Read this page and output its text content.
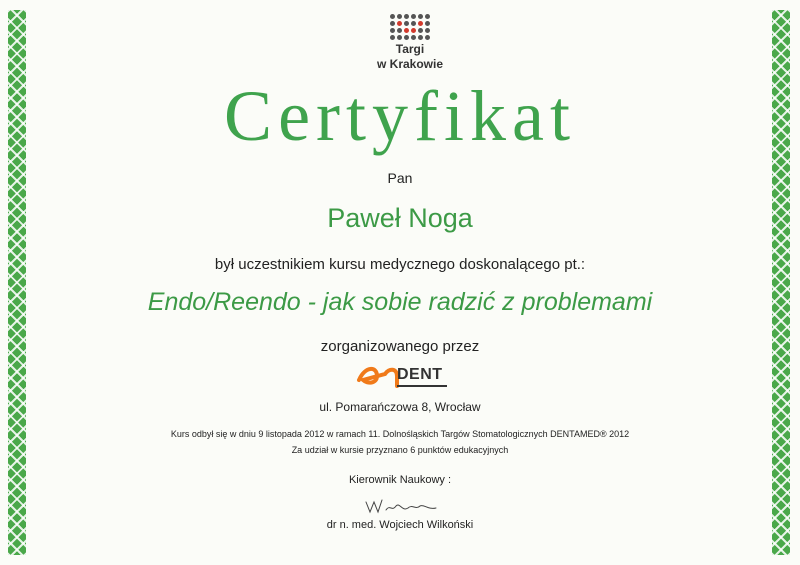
Targi
w Krakowie
Certyfikat
Pan
Paweł Noga
był uczestnikiem kursu medycznego doskonalącego pt.:
Endo/Reendo - jak sobie radzić z problemami
zorganizowanego przez
DENT
ul. Pomarańczowa 8, Wrocław
Kurs odbył się w dniu 9 listopada 2012 w ramach 11. Dolnośląskich Targów Stomatologicznych DENTAMED® 2012
Za udział w kursie przyznano 6 punktów edukacyjnych
Kierownik Naukowy :
dr n. med. Wojciech Wilkoński
